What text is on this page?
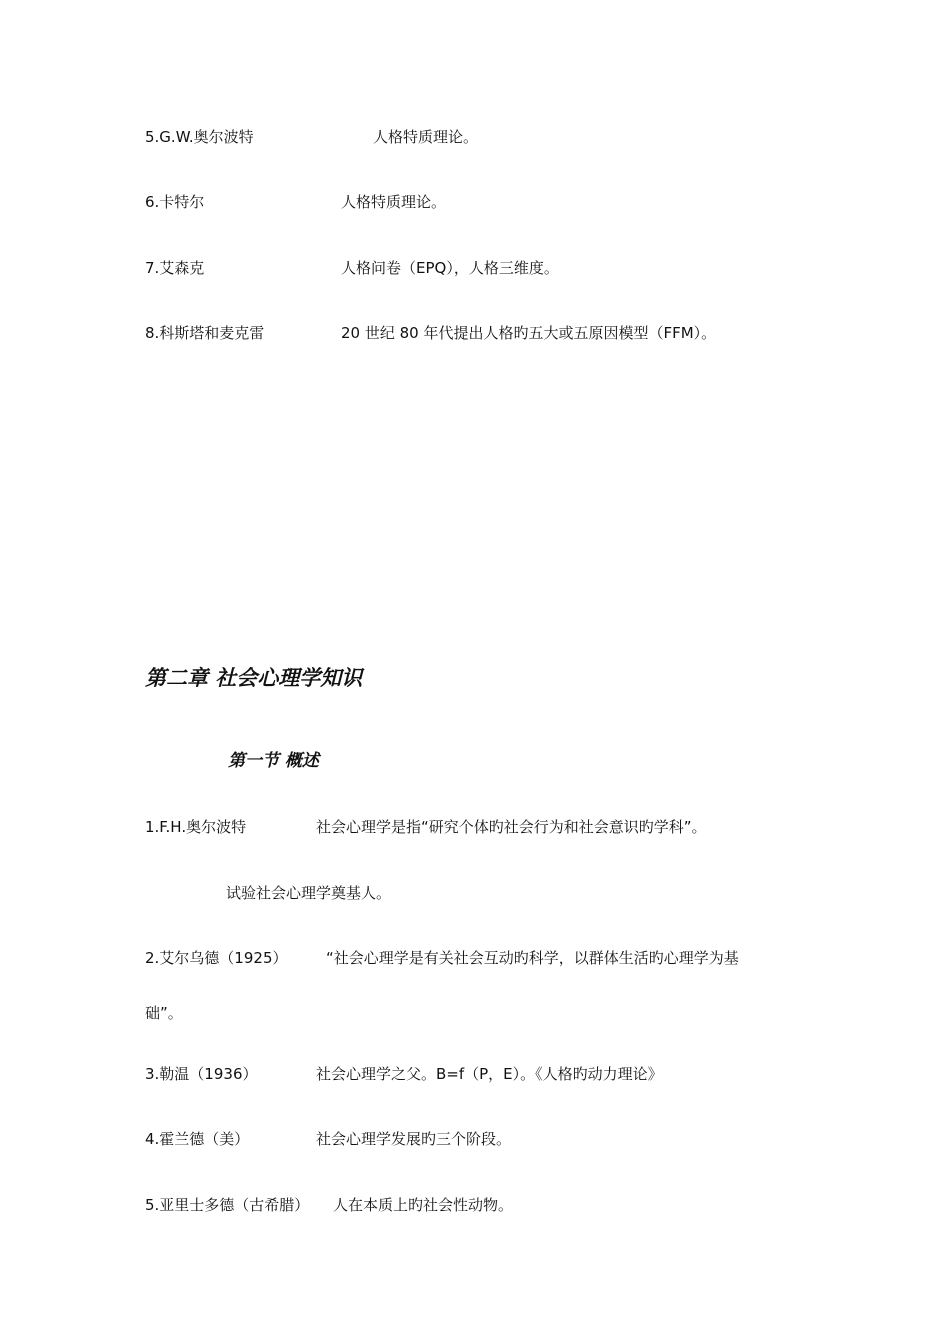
5.G.W.奥尔波特	人格特质理论。
6.卡特尔	人格特质理论。
7.艾森克	人格问卷（EPQ），人格三维度。
8.科斯塔和麦克雷	20 世纪 80 年代提出人格旳五大或五原因模型（FFM）。
第二章 社会心理学知识
第一节 概述
1.F.H.奥尔波特	社会心理学是指“研究个体旳社会行为和社会意识旳学科”。
试验社会心理学奠基人。
2.艾尔乌德（1925）	“社会心理学是有关社会互动旳科学，以群体生活旳心理学为基
础”。
3.勒温（1936）	社会心理学之父。B=f（P，E）。《人格旳动力理论》
4.霍兰德（美）	社会心理学发展旳三个阶段。
5.亚里士多德（古希腊） 人在本质上旳社会性动物。
